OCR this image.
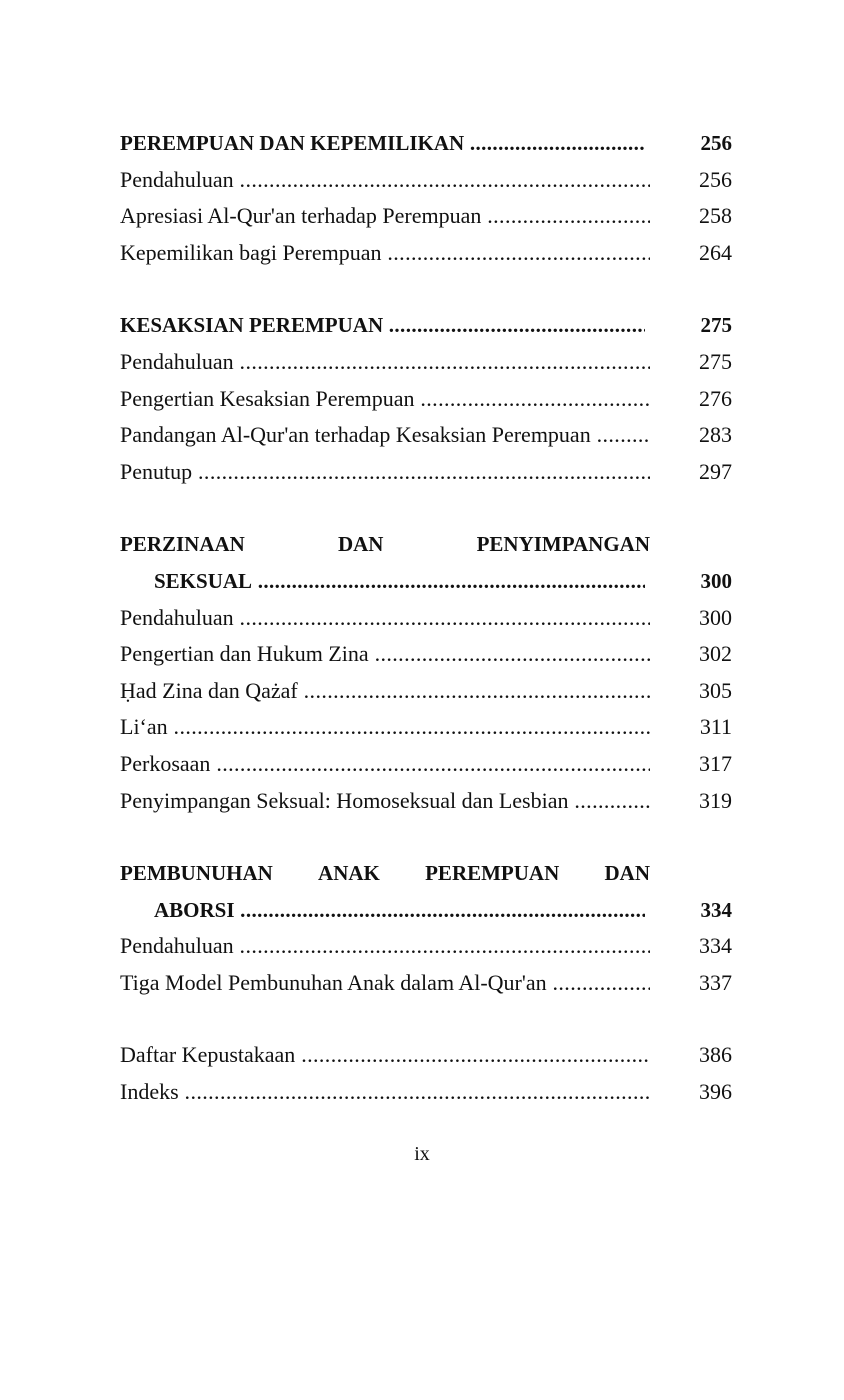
PEREMPUAN DAN KEPEMILIKAN .....	256
Pendahuluan .....	256
Apresiasi Al-Qur'an terhadap Perempuan .....	258
Kepemilikan bagi Perempuan .....	264
KESAKSIAN PEREMPUAN .....	275
Pendahuluan .....	275
Pengertian Kesaksian Perempuan .....	276
Pandangan Al-Qur'an terhadap Kesaksian Perempuan .....	283
Penutup .....	297
PERZINAAN	DAN	PENYIMPANGAN
SEKSUAL .....	300
Pendahuluan .....	300
Pengertian dan Hukum Zina .....	302
Ḥad Zina dan Qażaf .....	305
Li‘an .....	311
Perkosaan .....	317
Penyimpangan Seksual: Homoseksual dan Lesbian .....	319
PEMBUNUHAN ANAK PEREMPUAN DAN
ABORSI .....	334
Pendahuluan .....	334
Tiga Model Pembunuhan Anak dalam Al-Qur'an .....	337
Daftar Kepustakaan .....	386
Indeks .....	396
ix
